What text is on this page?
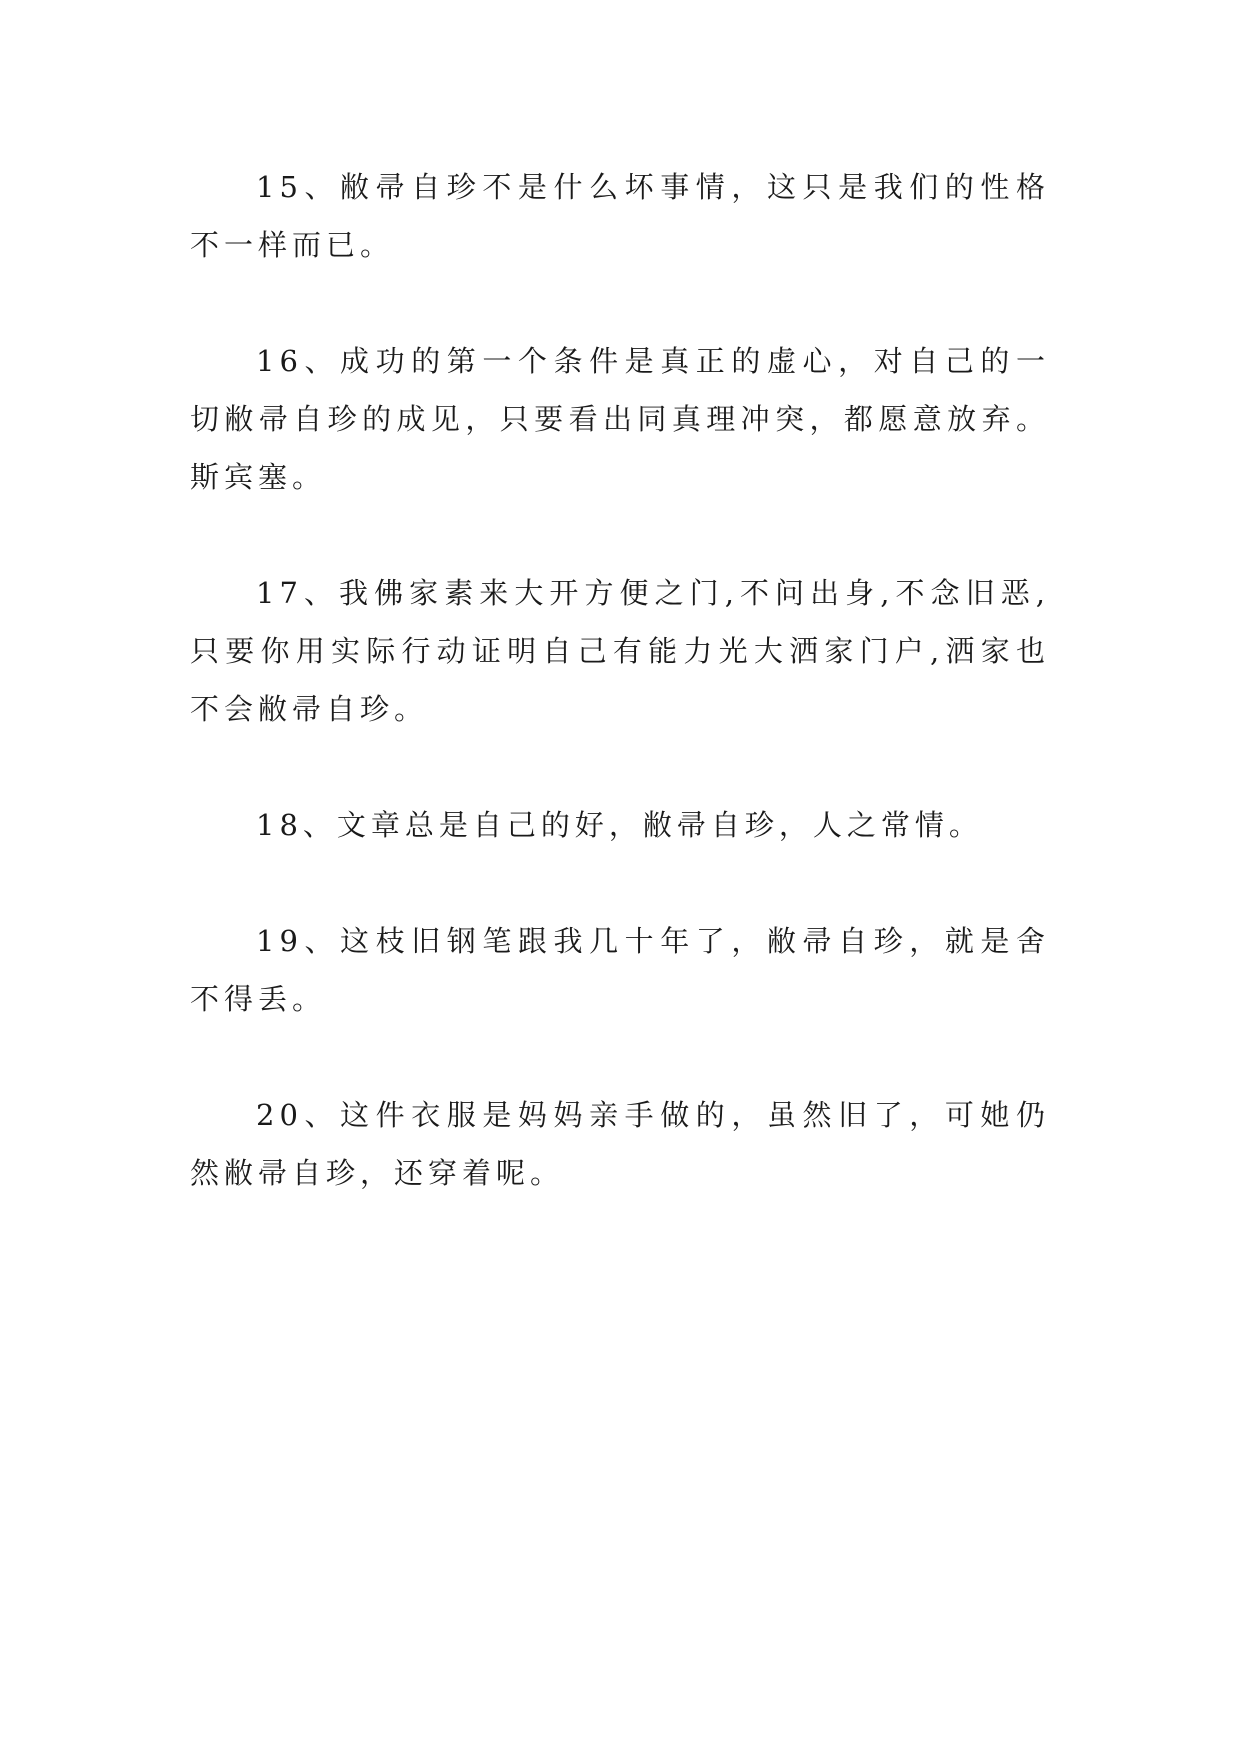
15、敝帚自珍不是什么坏事情，这只是我们的性格不一样而已。

16、成功的第一个条件是真正的虚心，对自己的一切敝帚自珍的成见，只要看出同真理冲突，都愿意放弃。斯宾塞。

17、我佛家素来大开方便之门,不问出身,不念旧恶,只要你用实际行动证明自己有能力光大洒家门户,洒家也不会敝帚自珍。

18、文章总是自己的好，敝帚自珍，人之常情。

19、这枝旧钢笔跟我几十年了，敝帚自珍，就是舍不得丢。

20、这件衣服是妈妈亲手做的，虽然旧了，可她仍然敝帚自珍，还穿着呢。
